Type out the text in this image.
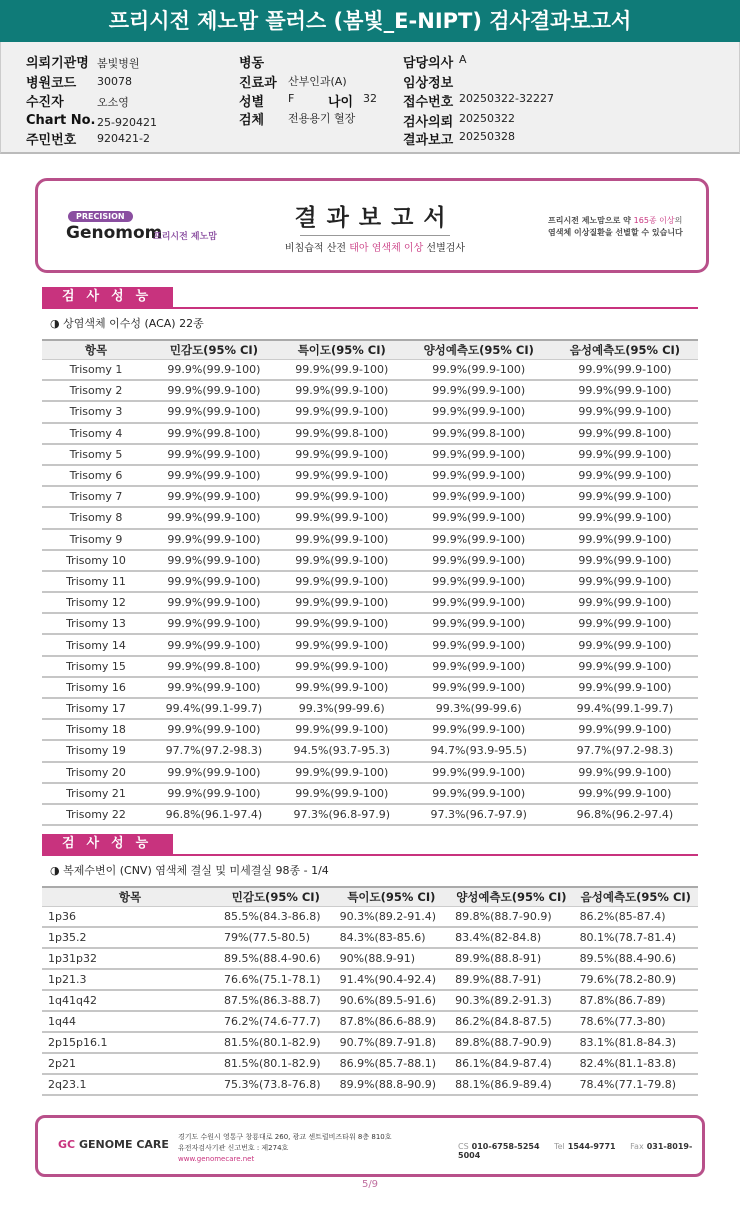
프리시전 제노맘 플러스 (봄빛_E-NIPT) 검사결과보고서
의뢰기관명 봄빛병원
병원코드 30078
수진자	오소영
Chart No. 25-920421
주민번호 920421-2
병동
진료과 산부인과(A)
성별 F
검체 전용용기 혈장
나이 32
담당의사 A
임상정보
접수번호 20250322-32227
검사의뢰 20250322
결과보고 20250328
PRECISION
Genomom
프리시전 제노맘
결과보고서
비침습적 산전 태아 염색체 이상 선별검사
프리시전 제노맘으로 약 165종 이상의
염색체 이상질환을 선별할 수 있습니다
검사성능
◑ 상염색체 이수성 (ACA) 22종
항목	민감도(95% CI)	특이도(95% CI)	양성예측도(95% CI)	음성예측도(95% CI)
Trisomy 1	99.9%(99.9-100)	99.9%(99.9-100)	99.9%(99.9-100)	99.9%(99.9-100)
Trisomy 2	99.9%(99.9-100)	99.9%(99.9-100)	99.9%(99.9-100)	99.9%(99.9-100)
Trisomy 3	99.9%(99.9-100)	99.9%(99.9-100)	99.9%(99.9-100)	99.9%(99.9-100)
Trisomy 4	99.9%(99.8-100)	99.9%(99.8-100)	99.9%(99.8-100)	99.9%(99.8-100)
Trisomy 5	99.9%(99.9-100)	99.9%(99.9-100)	99.9%(99.9-100)	99.9%(99.9-100)
Trisomy 6	99.9%(99.9-100)	99.9%(99.9-100)	99.9%(99.9-100)	99.9%(99.9-100)
Trisomy 7	99.9%(99.9-100)	99.9%(99.9-100)	99.9%(99.9-100)	99.9%(99.9-100)
Trisomy 8	99.9%(99.9-100)	99.9%(99.9-100)	99.9%(99.9-100)	99.9%(99.9-100)
Trisomy 9	99.9%(99.9-100)	99.9%(99.9-100)	99.9%(99.9-100)	99.9%(99.9-100)
Trisomy 10	99.9%(99.9-100)	99.9%(99.9-100)	99.9%(99.9-100)	99.9%(99.9-100)
Trisomy 11	99.9%(99.9-100)	99.9%(99.9-100)	99.9%(99.9-100)	99.9%(99.9-100)
Trisomy 12	99.9%(99.9-100)	99.9%(99.9-100)	99.9%(99.9-100)	99.9%(99.9-100)
Trisomy 13	99.9%(99.9-100)	99.9%(99.9-100)	99.9%(99.9-100)	99.9%(99.9-100)
Trisomy 14	99.9%(99.9-100)	99.9%(99.9-100)	99.9%(99.9-100)	99.9%(99.9-100)
Trisomy 15	99.9%(99.8-100)	99.9%(99.9-100)	99.9%(99.9-100)	99.9%(99.9-100)
Trisomy 16	99.9%(99.9-100)	99.9%(99.9-100)	99.9%(99.9-100)	99.9%(99.9-100)
Trisomy 17	99.4%(99.1-99.7)	99.3%(99-99.6)	99.3%(99-99.6)	99.4%(99.1-99.7)
Trisomy 18	99.9%(99.9-100)	99.9%(99.9-100)	99.9%(99.9-100)	99.9%(99.9-100)
Trisomy 19	97.7%(97.2-98.3)	94.5%(93.7-95.3)	94.7%(93.9-95.5)	97.7%(97.2-98.3)
Trisomy 20	99.9%(99.9-100)	99.9%(99.9-100)	99.9%(99.9-100)	99.9%(99.9-100)
Trisomy 21	99.9%(99.9-100)	99.9%(99.9-100)	99.9%(99.9-100)	99.9%(99.9-100)
Trisomy 22	96.8%(96.1-97.4)	97.3%(96.8-97.9)	97.3%(96.7-97.9)	96.8%(96.2-97.4)
검사성능
◑ 복제수변이 (CNV) 염색체 결실 및 미세결실 98종 - 1/4
항목	민감도(95% CI)	특이도(95% CI)	양성예측도(95% CI)	음성예측도(95% CI)
1p36	85.5%(84.3-86.8)	90.3%(89.2-91.4)	89.8%(88.7-90.9)	86.2%(85-87.4)
1p35.2	79%(77.5-80.5)	84.3%(83-85.6)	83.4%(82-84.8)	80.1%(78.7-81.4)
1p31p32	89.5%(88.4-90.6)	90%(88.9-91)	89.9%(88.8-91)	89.5%(88.4-90.6)
1p21.3	76.6%(75.1-78.1)	91.4%(90.4-92.4)	89.9%(88.7-91)	79.6%(78.2-80.9)
1q41q42	87.5%(86.3-88.7)	90.6%(89.5-91.6)	90.3%(89.2-91.3)	87.8%(86.7-89)
1q44	76.2%(74.6-77.7)	87.8%(86.6-88.9)	86.2%(84.8-87.5)	78.6%(77.3-80)
2p15p16.1	81.5%(80.1-82.9)	90.7%(89.7-91.8)	89.8%(88.7-90.9)	83.1%(81.8-84.3)
2p21	81.5%(80.1-82.9)	86.9%(85.7-88.1)	86.1%(84.9-87.4)	82.4%(81.1-83.8)
2q23.1	75.3%(73.8-76.8)	89.9%(88.8-90.9)	88.1%(86.9-89.4)	78.4%(77.1-79.8)
GC GENOME CARE
경기도 수원시 영통구 창룡대로 260, 광교 센트럴비즈타워 8층 810호
유전자검사기관 신고번호 : 제274호
www.genomecare.net
CS 010-6758-5254 Tel 1544-9771 Fax 031-8019-5004
5/9
